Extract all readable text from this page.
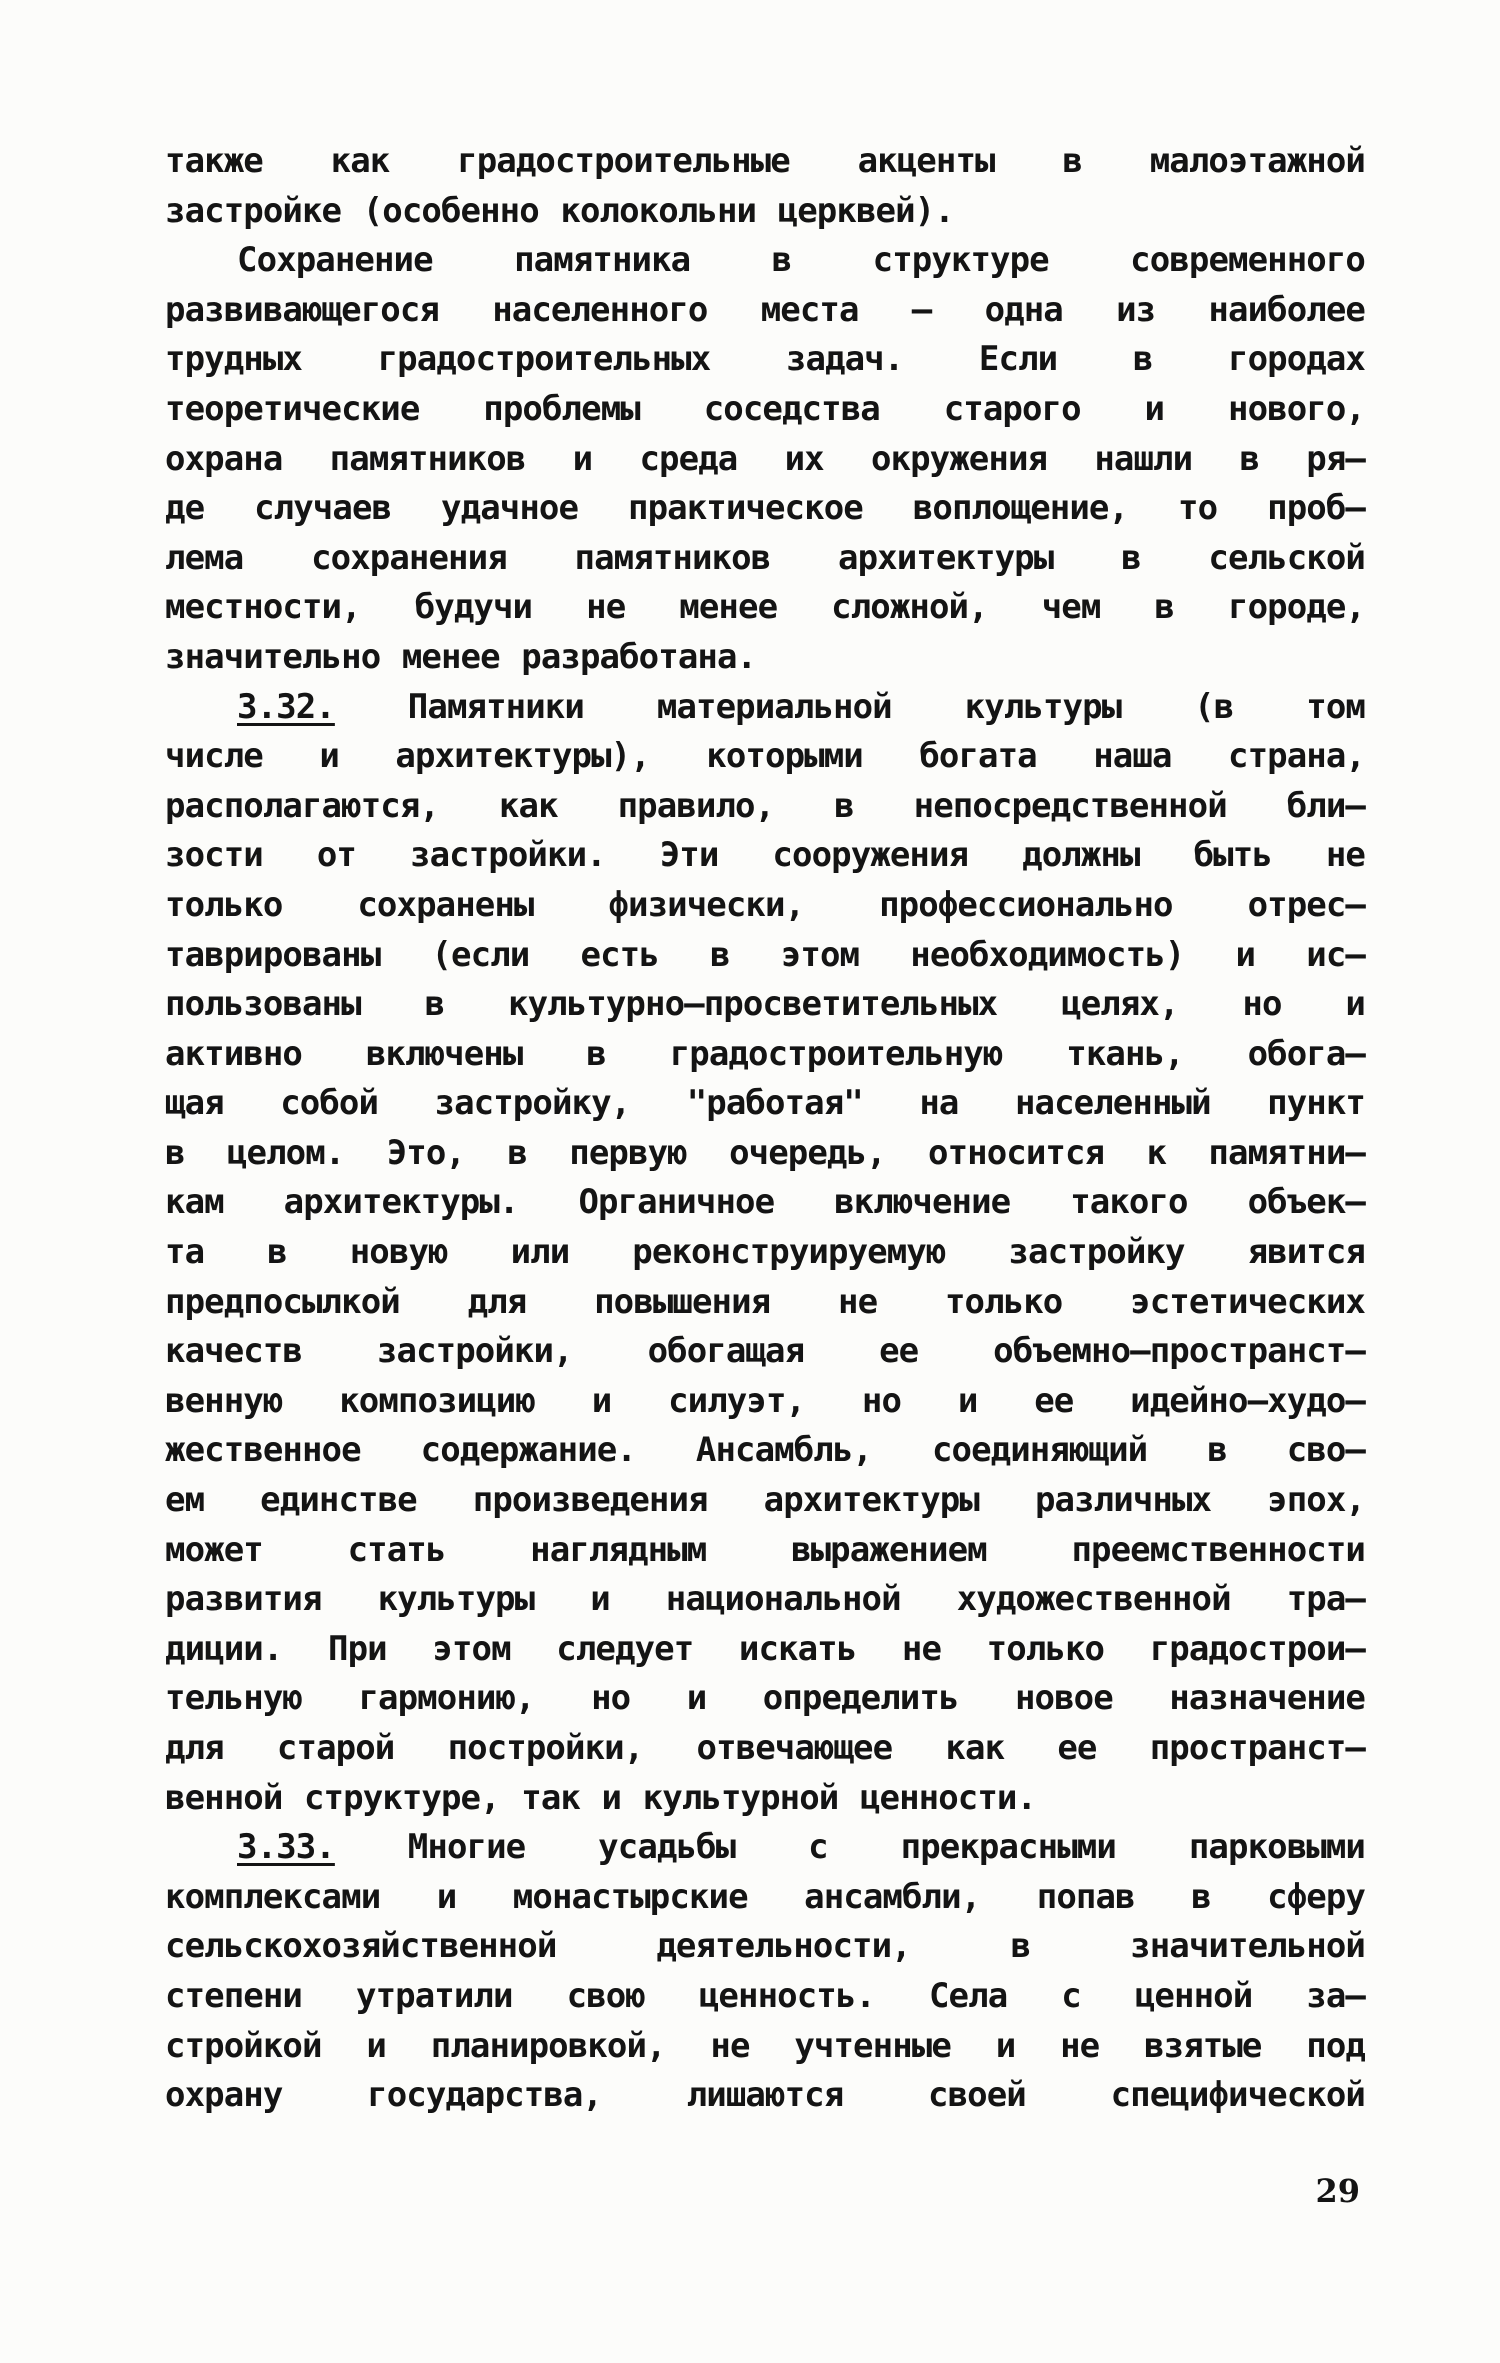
также как градостроительные акценты в малоэтажной
застройке (особенно колокольни церквей).
Сохранение памятника в структуре современного
развивающегося населенного места – одна из наиболее
трудных градостроительных задач. Если в городах
теоретические проблемы соседства старого и нового,
охрана памятников и среда их окружения нашли в ря–
де случаев удачное практическое воплощение, то проб–
лема сохранения памятников архитектуры в сельской
местности, будучи не менее сложной, чем в городе,
значительно менее разработана.
3.32. Памятники материальной культуры (в том
числе и архитектуры), которыми богата наша страна,
располагаются, как правило, в непосредственной бли–
зости от застройки. Эти сооружения должны быть не
только сохранены физически, профессионально отрес–
таврированы (если есть в этом необходимость) и ис–
пользованы в культурно–просветительных целях, но и
активно включены в градостроительную ткань, обога–
щая собой застройку, "работая" на населенный пункт
в целом. Это, в первую очередь, относится к памятни–
кам архитектуры. Органичное включение такого объек–
та в новую или реконструируемую застройку явится
предпосылкой для повышения не только эстетических
качеств застройки, обогащая ее объемно–пространст–
венную композицию и силуэт, но и ее идейно–худо–
жественное содержание. Ансамбль, соединяющий в сво–
ем единстве произведения архитектуры различных эпох,
может стать наглядным выражением преемственности
развития культуры и национальной художественной тра–
диции. При этом следует искать не только градострои–
тельную гармонию, но и определить новое назначение
для старой постройки, отвечающее как ее пространст–
венной структуре, так и культурной ценности.
3.33. Многие усадьбы с прекрасными парковыми
комплексами и монастырские ансамбли, попав в сферу
сельскохозяйственной деятельности, в значительной
степени утратили свою ценность. Села с ценной за–
стройкой и планировкой, не учтенные и не взятые под
охрану государства, лишаются своей специфической
29
